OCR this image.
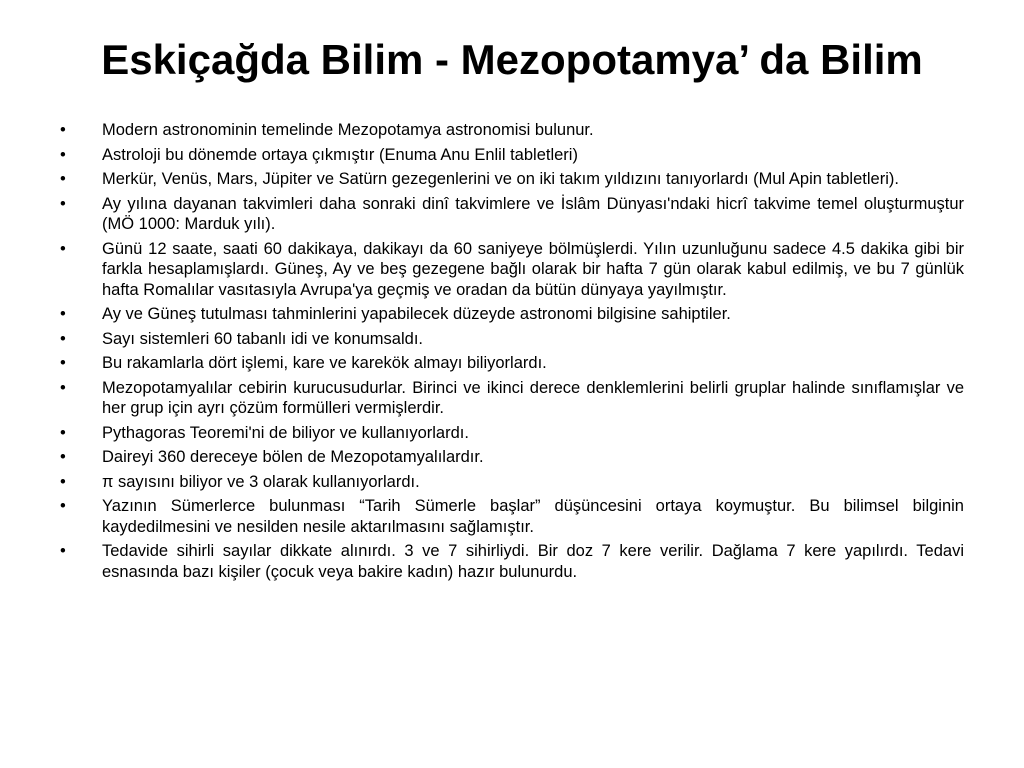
Eskiçağda Bilim - Mezopotamya’ da Bilim
•	Modern astronominin temelinde Mezopotamya astronomisi bulunur.
•	Astroloji bu dönemde ortaya çıkmıştır (Enuma Anu Enlil tabletleri)
•	Merkür, Venüs, Mars, Jüpiter ve Satürn gezegenlerini ve on iki takım yıldızını tanıyorlardı (Mul Apin tabletleri).
•	Ay yılına dayanan takvimleri daha sonraki dinî takvimlere ve İslâm Dünyası'ndaki hicrî takvime temel oluşturmuştur (MÖ 1000: Marduk yılı).
•	Günü 12 saate, saati 60 dakikaya, dakikayı da 60 saniyeye bölmüşlerdi. Yılın uzunluğunu sadece 4.5 dakika gibi bir farkla hesaplamışlardı. Güneş, Ay ve beş gezegene bağlı olarak bir hafta 7 gün olarak kabul edilmiş, ve bu 7 günlük hafta Romalılar vasıtasıyla Avrupa'ya geçmiş ve oradan da bütün dünyaya yayılmıştır.
•	Ay ve Güneş tutulması tahminlerini yapabilecek düzeyde astronomi bilgisine sahiptiler.
•	Sayı sistemleri 60 tabanlı idi ve konumsaldı.
•	Bu rakamlarla dört işlemi, kare ve karekök almayı biliyorlardı.
•	Mezopotamyalılar cebirin kurucusudurlar. Birinci ve ikinci derece denklemlerini belirli gruplar halinde sınıflamışlar ve her grup için ayrı çözüm formülleri vermişlerdir.
•	Pythagoras Teoremi'ni de biliyor ve kullanıyorlardı.
•	Daireyi 360 dereceye bölen de Mezopotamyalılardır.
•	π sayısını biliyor ve 3 olarak kullanıyorlardı.
•	Yazının Sümerlerce bulunması “Tarih Sümerle başlar” düşüncesini ortaya koymuştur. Bu bilimsel bilginin kaydedilmesini ve nesilden nesile aktarılmasını sağlamıştır.
•	Tedavide sihirli sayılar dikkate alınırdı. 3 ve 7 sihirliydi. Bir doz 7 kere verilir. Dağlama 7 kere yapılırdı. Tedavi esnasında bazı kişiler (çocuk veya bakire kadın) hazır bulunurdu.
